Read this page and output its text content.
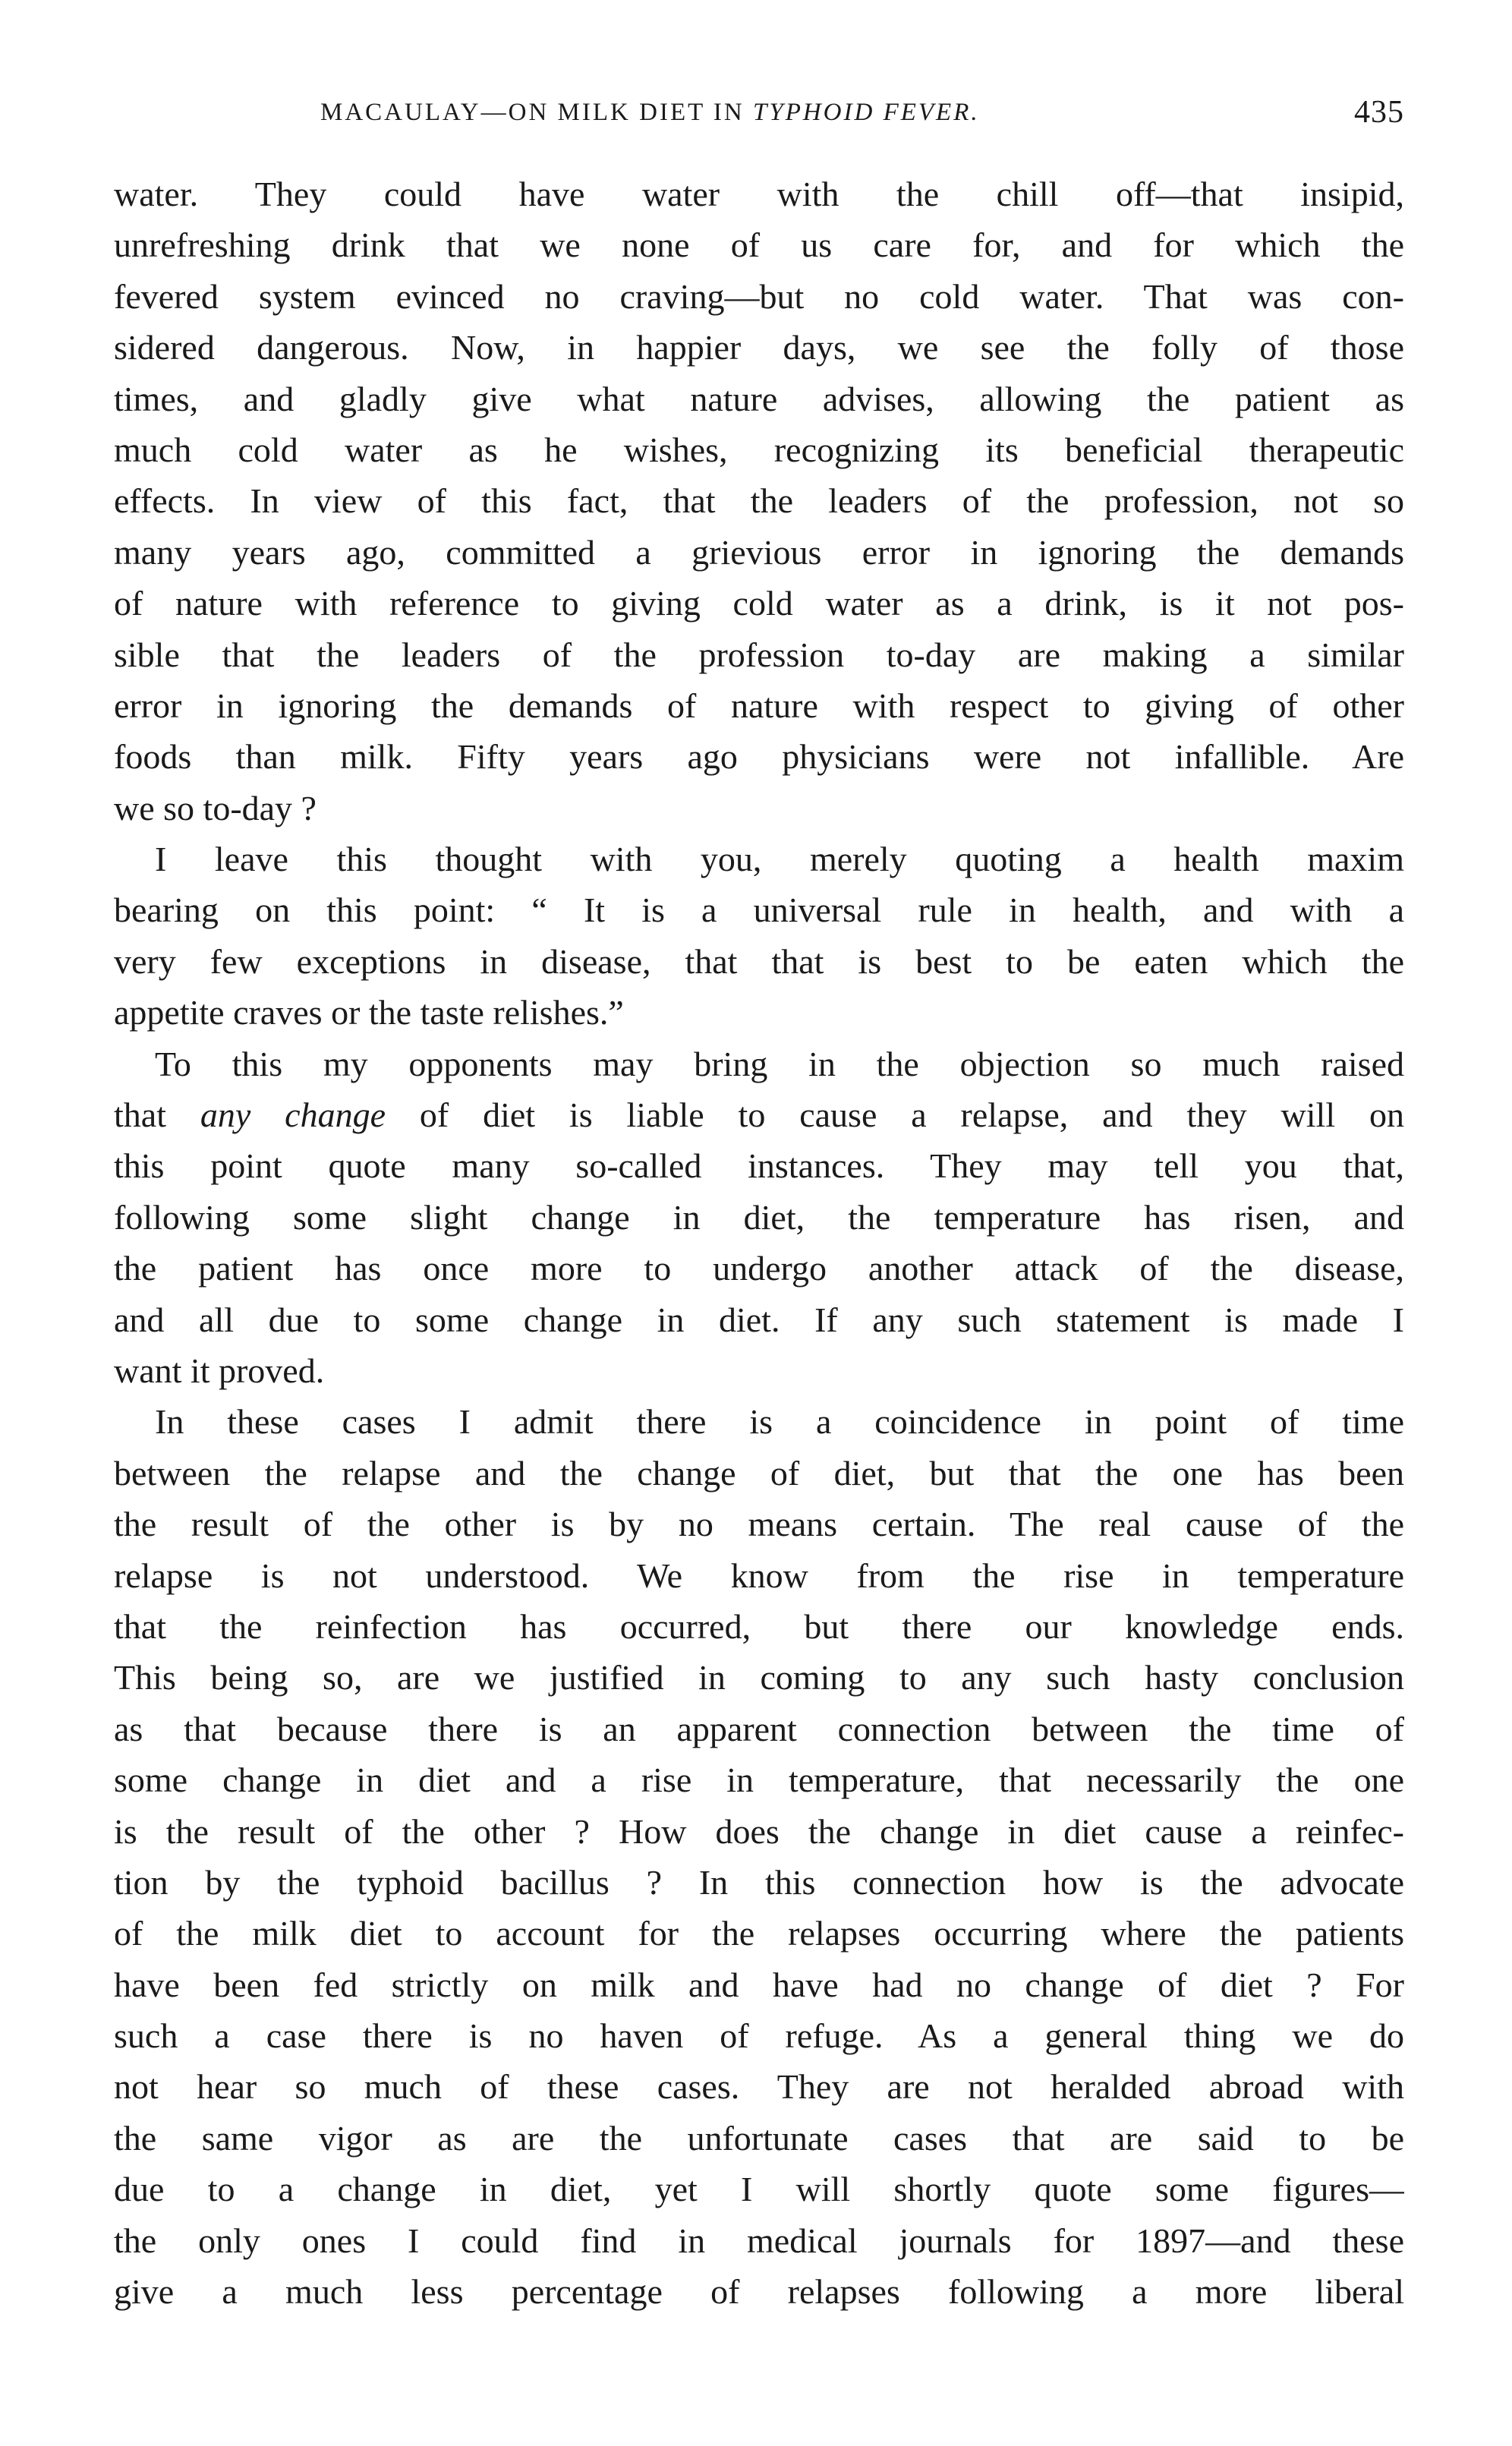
MACAULAY—ON MILK DIET IN TYPHOID FEVER.	435
water. They could have water with the chill off—that insipid,
unrefreshing drink that we none of us care for, and for which the
fevered system evinced no craving—but no cold water. That was con-
sidered dangerous. Now, in happier days, we see the folly of those
times, and gladly give what nature advises, allowing the patient as
much cold water as he wishes, recognizing its beneficial therapeutic
effects. In view of this fact, that the leaders of the profession, not so
many years ago, committed a grievious error in ignoring the demands
of nature with reference to giving cold water as a drink, is it not pos-
sible that the leaders of the profession to-day are making a similar
error in ignoring the demands of nature with respect to giving of other
foods than milk. Fifty years ago physicians were not infallible. Are
we so to-day ?
I leave this thought with you, merely quoting a health maxim
bearing on this point: “ It is a universal rule in health, and with a
very few exceptions in disease, that that is best to be eaten which the
appetite craves or the taste relishes.”
To this my opponents may bring in the objection so much raised
that any change of diet is liable to cause a relapse, and they will on
this point quote many so-called instances. They may tell you that,
following some slight change in diet, the temperature has risen, and
the patient has once more to undergo another attack of the disease,
and all due to some change in diet. If any such statement is made I
want it proved.
In these cases I admit there is a coincidence in point of time
between the relapse and the change of diet, but that the one has been
the result of the other is by no means certain. The real cause of the
relapse is not understood. We know from the rise in temperature
that the reinfection has occurred, but there our knowledge ends.
This being so, are we justified in coming to any such hasty conclusion
as that because there is an apparent connection between the time of
some change in diet and a rise in temperature, that necessarily the one
is the result of the other ? How does the change in diet cause a reinfec-
tion by the typhoid bacillus ? In this connection how is the advocate
of the milk diet to account for the relapses occurring where the patients
have been fed strictly on milk and have had no change of diet ? For
such a case there is no haven of refuge. As a general thing we do
not hear so much of these cases. They are not heralded abroad with
the same vigor as are the unfortunate cases that are said to be
due to a change in diet, yet I will shortly quote some figures—
the only ones I could find in medical journals for 1897—and these
give a much less percentage of relapses following a more liberal
